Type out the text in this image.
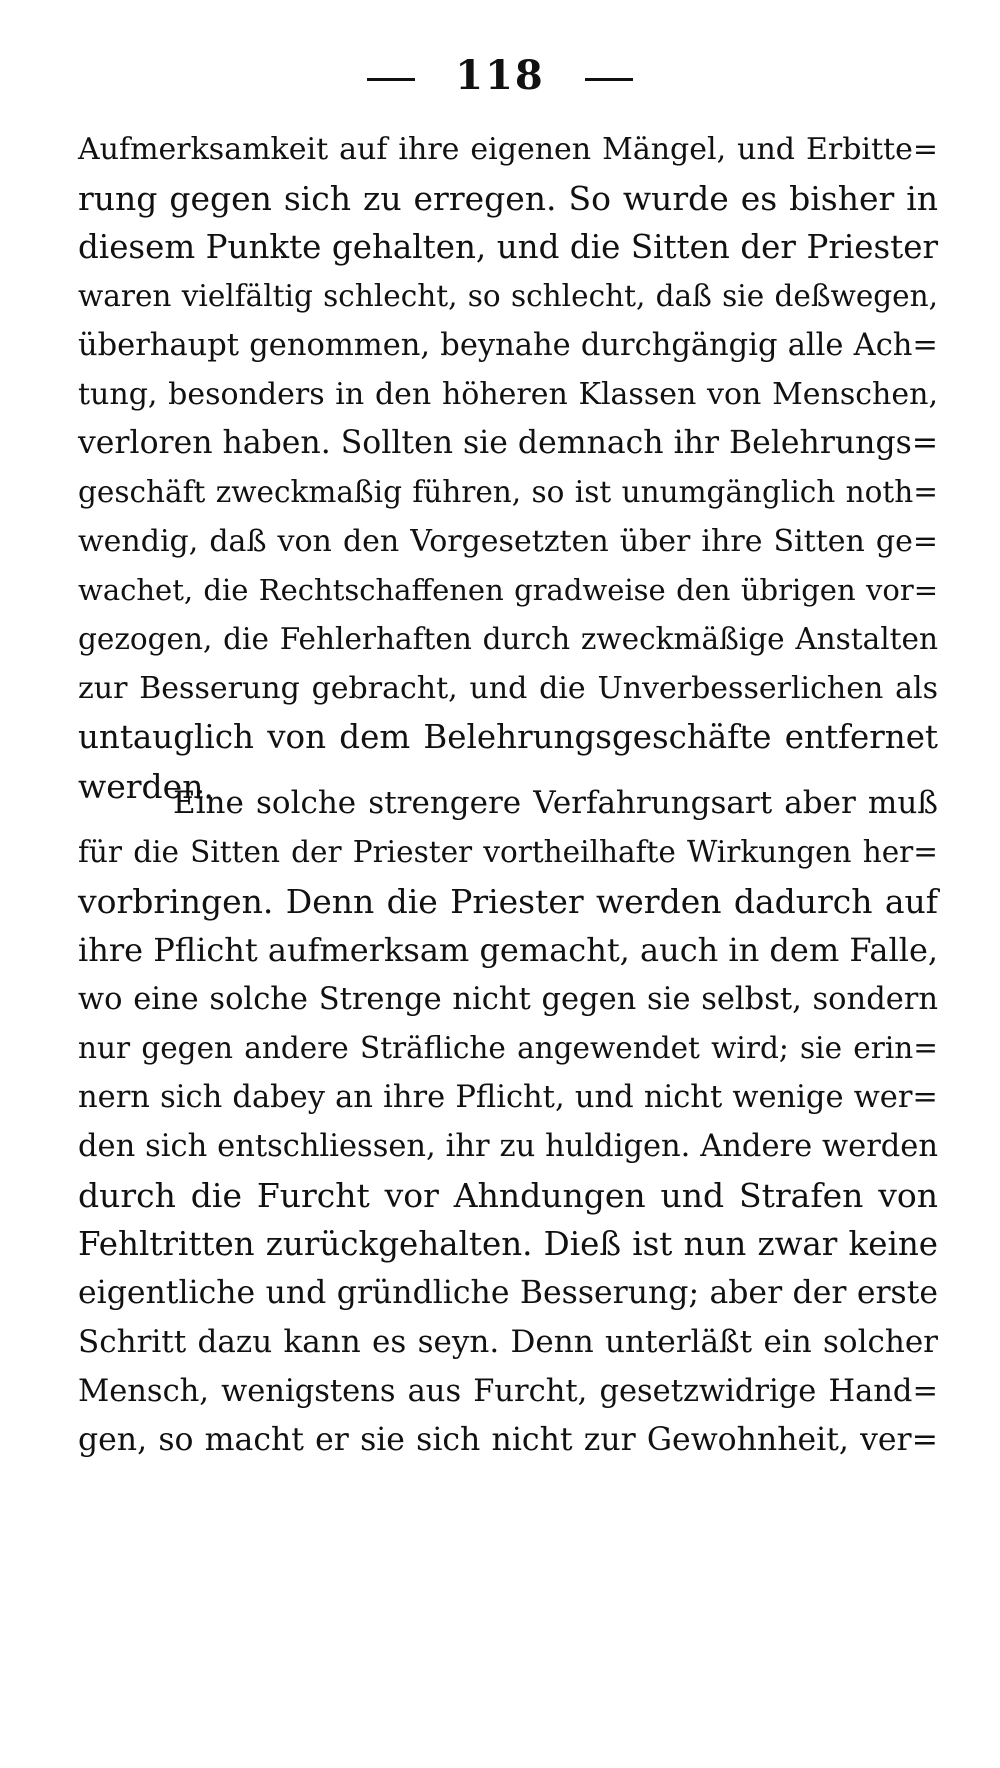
118
Aufmerksamkeit auf ihre eigenen Mängel, und Erbitte=
rung gegen sich zu erregen. So wurde es bisher in
diesem Punkte gehalten, und die Sitten der Priester
waren vielfältig schlecht, so schlecht, daß sie deßwegen,
überhaupt genommen, beynahe durchgängig alle Ach=
tung, besonders in den höheren Klassen von Menschen,
verloren haben. Sollten sie demnach ihr Belehrungs=
geschäft zweckmaßig führen, so ist unumgänglich noth=
wendig, daß von den Vorgesetzten über ihre Sitten ge=
wachet, die Rechtschaffenen gradweise den übrigen vor=
gezogen, die Fehlerhaften durch zweckmäßige Anstalten
zur Besserung gebracht, und die Unverbesserlichen als
untauglich von dem Belehrungsgeschäfte entfernet
werden.
Eine solche strengere Verfahrungsart aber muß
für die Sitten der Priester vortheilhafte Wirkungen her=
vorbringen. Denn die Priester werden dadurch auf
ihre Pflicht aufmerksam gemacht, auch in dem Falle,
wo eine solche Strenge nicht gegen sie selbst, sondern
nur gegen andere Sträfliche angewendet wird; sie erin=
nern sich dabey an ihre Pflicht, und nicht wenige wer=
den sich entschliessen, ihr zu huldigen. Andere werden
durch die Furcht vor Ahndungen und Strafen von
Fehltritten zurückgehalten. Dieß ist nun zwar keine
eigentliche und gründliche Besserung; aber der erste
Schritt dazu kann es seyn. Denn unterläßt ein solcher
Mensch, wenigstens aus Furcht, gesetzwidrige Hand=
gen, so macht er sie sich nicht zur Gewohnheit, ver=
